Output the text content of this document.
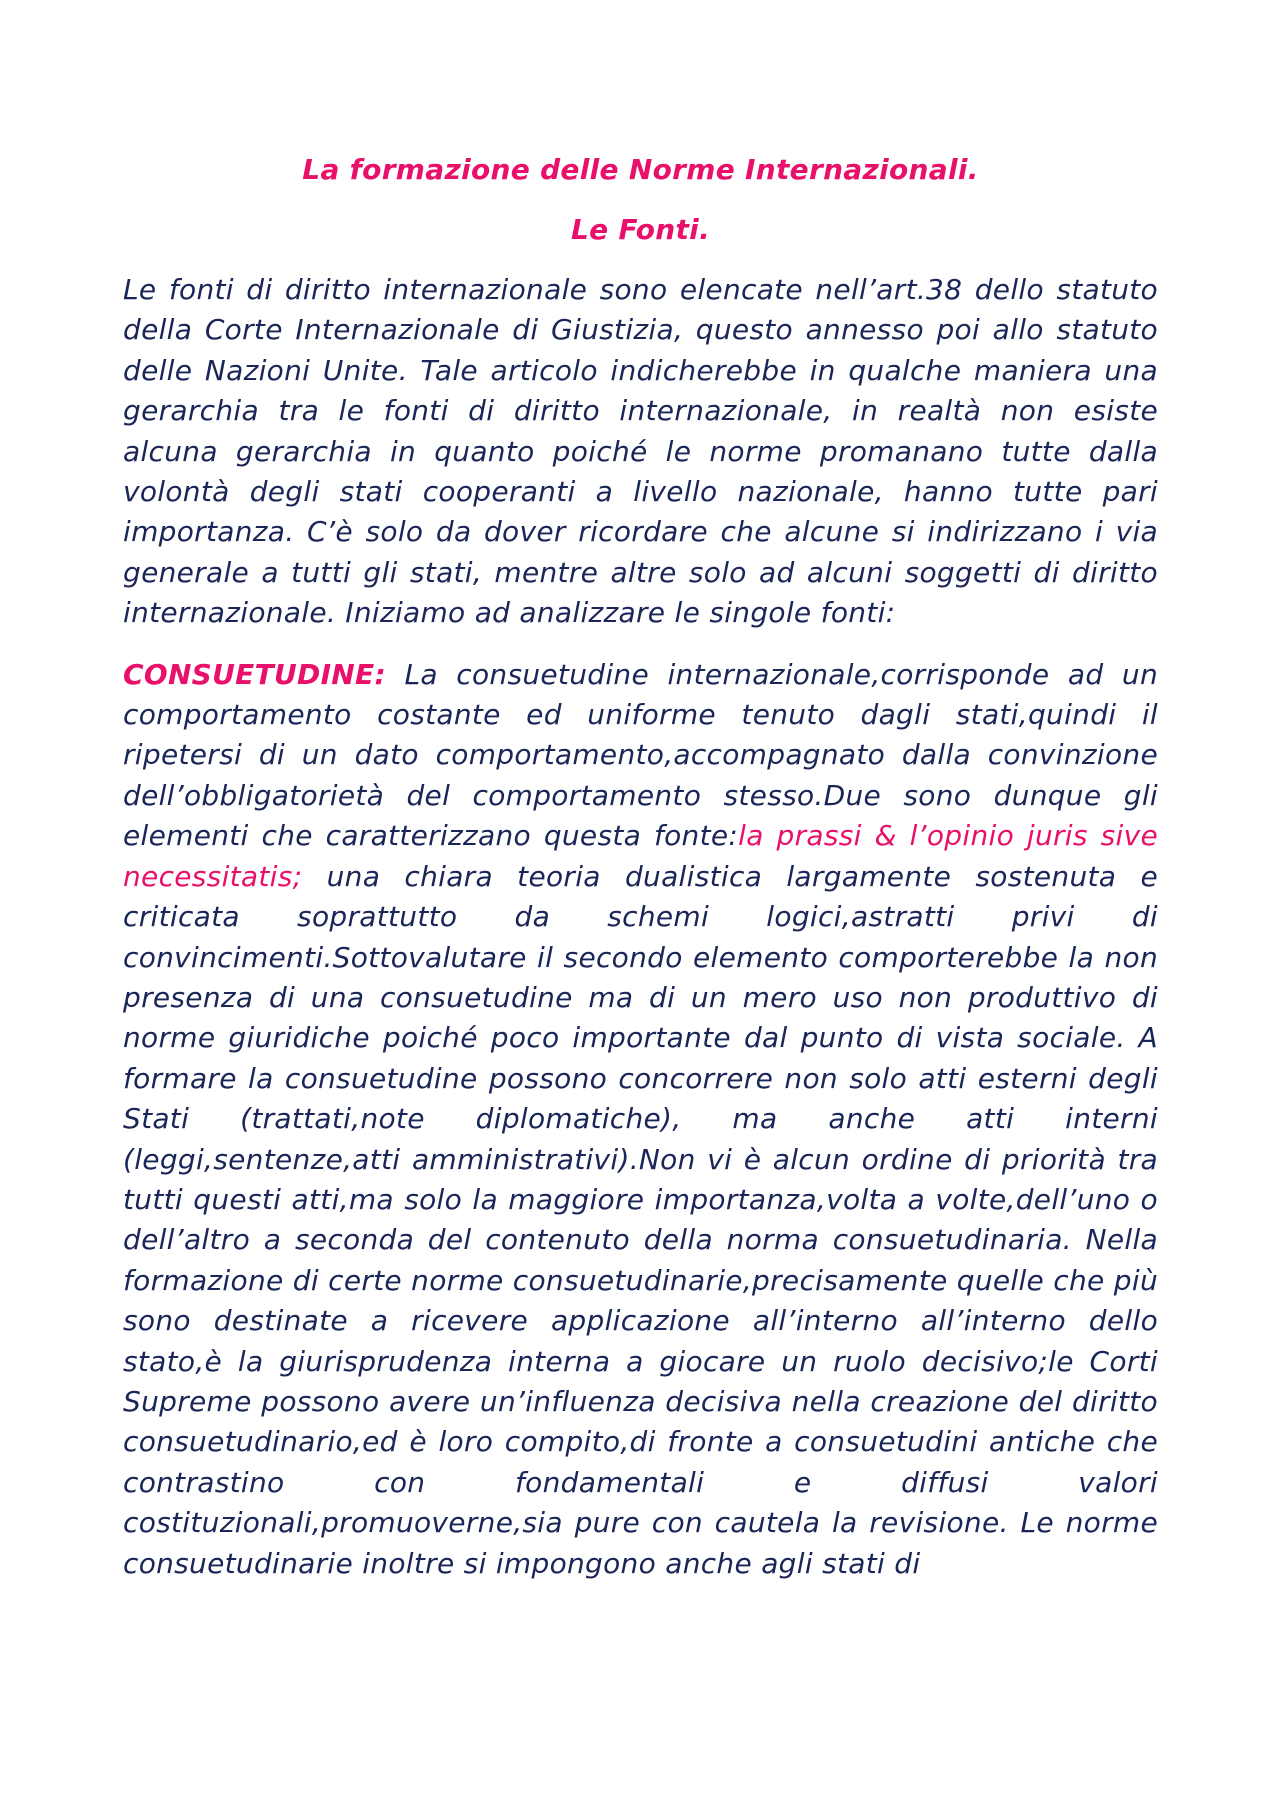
La formazione delle Norme Internazionali.

Le Fonti.

Le fonti di diritto internazionale sono elencate nell’art.38 dello statuto della Corte Internazionale di Giustizia, questo annesso poi allo statuto delle Nazioni Unite. Tale articolo indicherebbe in qualche maniera una gerarchia tra le fonti di diritto internazionale, in realtà non esiste alcuna gerarchia in quanto poiché le norme promanano tutte dalla volontà degli stati cooperanti a livello nazionale, hanno tutte pari importanza. C’è solo da dover ricordare che alcune si indirizzano i via generale a tutti gli stati, mentre altre solo ad alcuni soggetti di diritto internazionale. Iniziamo ad analizzare le singole fonti:

CONSUETUDINE: La consuetudine internazionale,corrisponde ad un comportamento costante ed uniforme tenuto dagli stati,quindi il ripetersi di un dato comportamento,accompagnato dalla convinzione dell’obbligatorietà del comportamento stesso.Due sono dunque gli elementi che caratterizzano questa fonte:la prassi & l’opinio juris sive necessitatis; una chiara teoria dualistica largamente sostenuta e criticata soprattutto da schemi logici,astratti privi di convincimenti.Sottovalutare il secondo elemento comporterebbe la non presenza di una consuetudine ma di un mero uso non produttivo di norme giuridiche poiché poco importante dal punto di vista sociale. A formare la consuetudine possono concorrere non solo atti esterni degli Stati (trattati,note diplomatiche), ma anche atti interni (leggi,sentenze,atti amministrativi).Non vi è alcun ordine di priorità tra tutti questi atti,ma solo la maggiore importanza,volta a volte,dell’uno o dell’altro a seconda del contenuto della norma consuetudinaria. Nella formazione di certe norme consuetudinarie,precisamente quelle che più sono destinate a ricevere applicazione all’interno all’interno dello stato,è la giurisprudenza interna a giocare un ruolo decisivo;le Corti Supreme possono avere un’influenza decisiva nella creazione del diritto consuetudinario,ed è loro compito,di fronte a consuetudini antiche che contrastino con fondamentali e diffusi valori costituzionali,promuoverne,sia pure con cautela la revisione. Le norme consuetudinarie inoltre si impongono anche agli stati di
